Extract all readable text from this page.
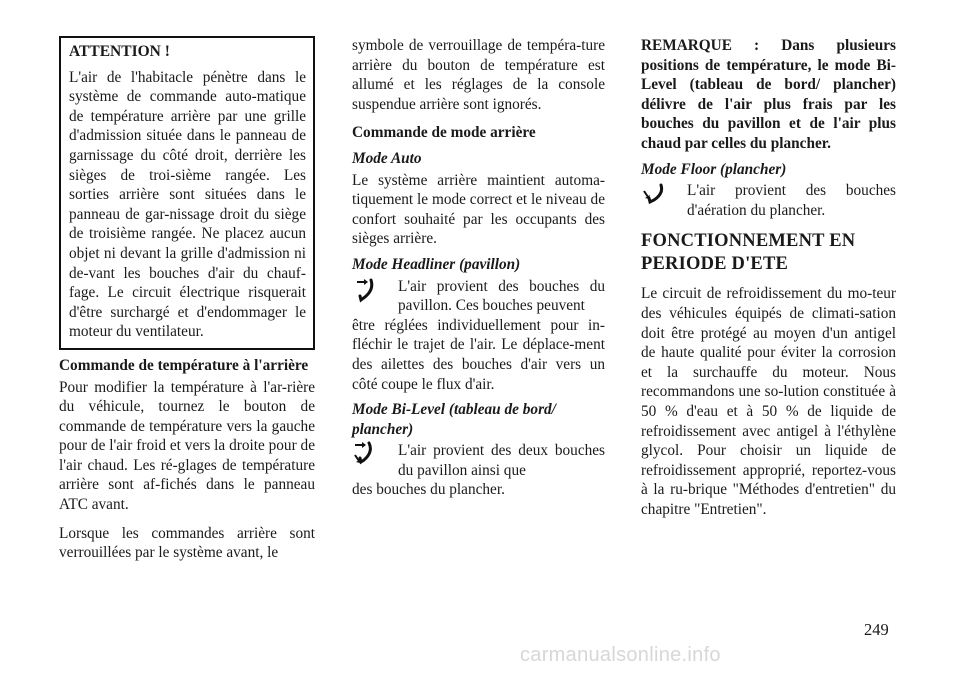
ATTENTION !

L'air de l'habitacle pénètre dans le système de commande auto-matique de température arrière par une grille d'admission située dans le panneau de garnissage du côté droit, derrière les sièges de troi-sième rangée. Les sorties arrière sont situées dans le panneau de gar-nissage droit du siège de troisième rangée. Ne placez aucun objet ni devant la grille d'admission ni de-vant les bouches d'air du chauf-fage. Le circuit électrique risquerait d'être surchargé et d'endommager le moteur du ventilateur.

Commande de température à l'arrière

Pour modifier la température à l'ar-rière du véhicule, tournez le bouton de commande de température vers la gauche pour de l'air froid et vers la droite pour de l'air chaud. Les ré-glages de température arrière sont af-fichés dans le panneau ATC avant.

Lorsque les commandes arrière sont verrouillées par le système avant, le

symbole de verrouillage de tempéra-ture arrière du bouton de température est allumé et les réglages de la console suspendue arrière sont ignorés.

Commande de mode arrière

Mode Auto

Le système arrière maintient automa-tiquement le mode correct et le niveau de confort souhaité par les occupants des sièges arrière.

Mode Headliner (pavillon)

L'air provient des bouches du pavillon. Ces bouches peuvent

être réglées individuellement pour in-fléchir le trajet de l'air. Le déplace-ment des ailettes des bouches d'air vers un côté coupe le flux d'air.

Mode Bi-Level (tableau de bord/ plancher)

L'air provient des deux bouches du pavillon ainsi que

des bouches du plancher.

REMARQUE : Dans plusieurs positions de température, le mode Bi-Level (tableau de bord/ plancher) délivre de l'air plus frais par les bouches du pavillon et de l'air plus chaud par celles du plancher.

Mode Floor (plancher)

L'air provient des bouches d'aération du plancher.

FONCTIONNEMENT EN PERIODE D'ETE

Le circuit de refroidissement du mo-teur des véhicules équipés de climati-sation doit être protégé au moyen d'un antigel de haute qualité pour éviter la corrosion et la surchauffe du moteur. Nous recommandons une so-lution constituée à 50 % d'eau et à 50 % de liquide de refroidissement avec antigel à l'éthylène glycol. Pour choisir un liquide de refroidissement approprié, reportez-vous à la ru-brique "Méthodes d'entretien" du chapitre "Entretien".

249
carmanualsonline.info
